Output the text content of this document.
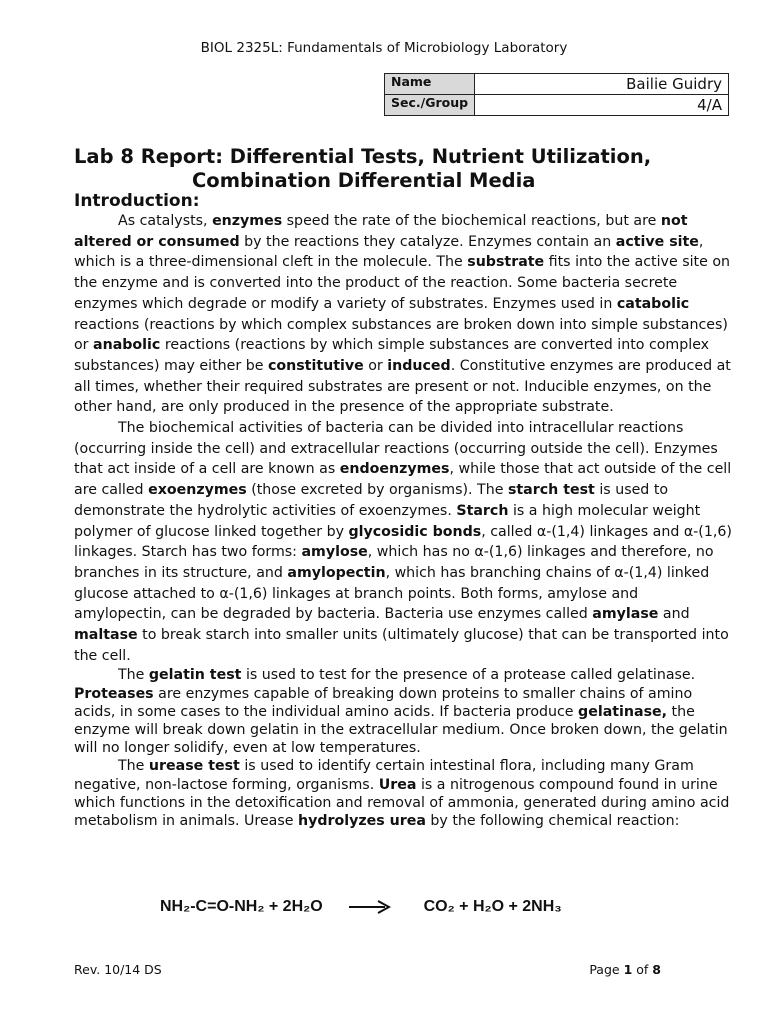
BIOL 2325L: Fundamentals of Microbiology Laboratory
Name	Bailie Guidry
Sec./Group	4/A
Lab 8 Report: Differential Tests, Nutrient Utilization,
Combination Differential Media
Introduction:

As catalysts, enzymes speed the rate of the biochemical reactions, but are not altered or consumed by the reactions they catalyze. Enzymes contain an active site, which is a three-dimensional cleft in the molecule. The substrate fits into the active site on the enzyme and is converted into the product of the reaction. Some bacteria secrete enzymes which degrade or modify a variety of substrates. Enzymes used in catabolic reactions (reactions by which complex substances are broken down into simple substances) or anabolic reactions (reactions by which simple substances are converted into complex substances) may either be constitutive or induced. Constitutive enzymes are produced at all times, whether their required substrates are present or not. Inducible enzymes, on the other hand, are only produced in the presence of the appropriate substrate.

The biochemical activities of bacteria can be divided into intracellular reactions (occurring inside the cell) and extracellular reactions (occurring outside the cell). Enzymes that act inside of a cell are known as endoenzymes, while those that act outside of the cell are called exoenzymes (those excreted by organisms). The starch test is used to demonstrate the hydrolytic activities of exoenzymes. Starch is a high molecular weight polymer of glucose linked together by glycosidic bonds, called α-(1,4) linkages and α-(1,6) linkages. Starch has two forms: amylose, which has no α-(1,6) linkages and therefore, no branches in its structure, and amylopectin, which has branching chains of α-(1,4) linked glucose attached to α-(1,6) linkages at branch points. Both forms, amylose and amylopectin, can be degraded by bacteria. Bacteria use enzymes called amylase and maltase to break starch into smaller units (ultimately glucose) that can be transported into the cell.

The gelatin test is used to test for the presence of a protease called gelatinase. Proteases are enzymes capable of breaking down proteins to smaller chains of amino acids, in some cases to the individual amino acids. If bacteria produce gelatinase, the enzyme will break down gelatin in the extracellular medium. Once broken down, the gelatin will no longer solidify, even at low temperatures.

The urease test is used to identify certain intestinal flora, including many Gram negative, non-lactose forming, organisms. Urea is a nitrogenous compound found in urine which functions in the detoxification and removal of ammonia, generated during amino acid metabolism in animals. Urease hydrolyzes urea by the following chemical reaction:

NH₂-C=O-NH₂ + 2H₂O	CO₂ + H₂O + 2NH₃
Rev. 10/14 DS	Page 1 of 8
